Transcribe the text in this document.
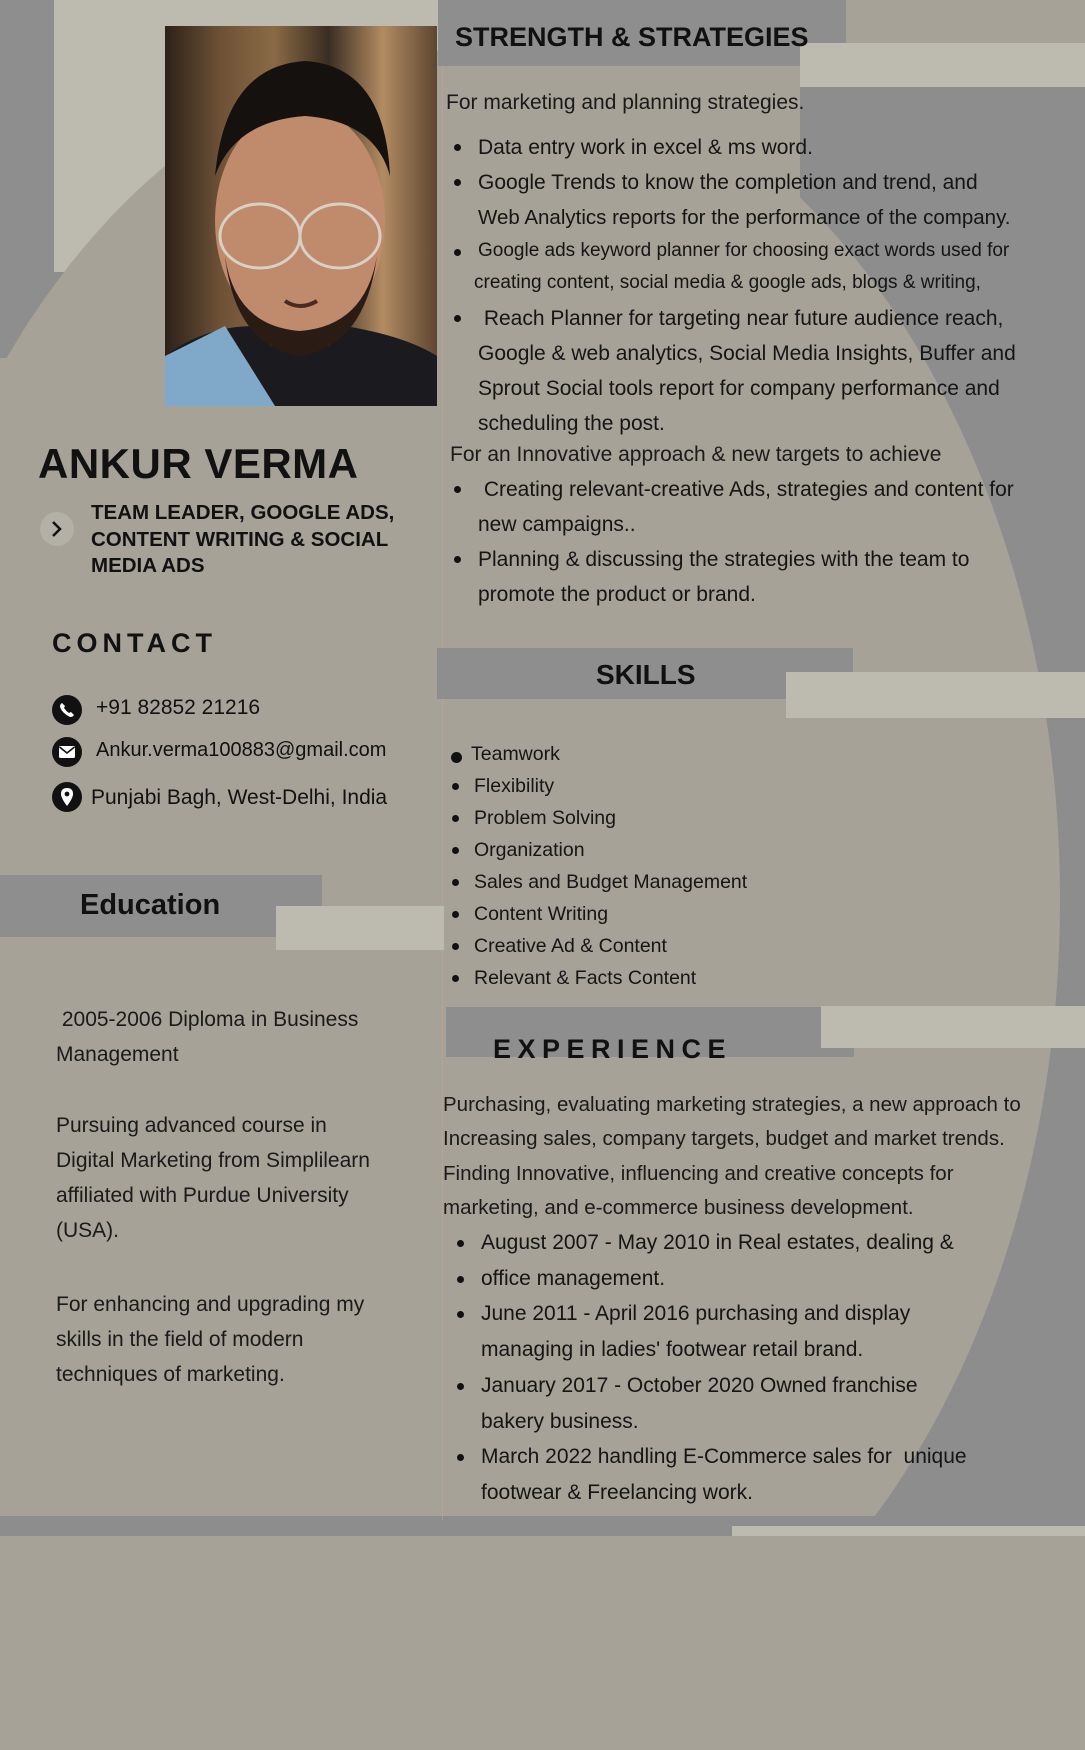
ANKUR VERMA
TEAM LEADER, GOOGLE ADS,
CONTENT WRITING & SOCIAL
MEDIA ADS
CONTACT
+91 82852 21216
Ankur.verma100883@gmail.com
Punjabi Bagh, West-Delhi, India
Education
2005-2006 Diploma in Business
Management
Pursuing advanced course in
Digital Marketing from Simplilearn
affiliated with Purdue University
(USA).
For enhancing and upgrading my
skills in the field of modern
techniques of marketing.
STRENGTH & STRATEGIES
For marketing and planning strategies.
Data entry work in excel & ms word.
Google Trends to know the completion and trend, and
Web Analytics reports for the performance of the company.
Google ads keyword planner for choosing exact words used for
creating content, social media & google ads, blogs & writing,
Reach Planner for targeting near future audience reach,
Google & web analytics, Social Media Insights, Buffer and
Sprout Social tools report for company performance and
scheduling the post.
For an Innovative approach & new targets to achieve
Creating relevant-creative Ads, strategies and content for
new campaigns..
Planning & discussing the strategies with the team to
promote the product or brand.
SKILLS
Teamwork
Flexibility
Problem Solving
Organization
Sales and Budget Management
Content Writing
Creative Ad & Content
Relevant & Facts Content
EXPERIENCE
Purchasing, evaluating marketing strategies, a new approach to
Increasing sales, company targets, budget and market trends.
Finding Innovative, influencing and creative concepts for
marketing, and e-commerce business development.
August 2007 - May 2010 in Real estates, dealing &
office management.
June 2011 - April 2016 purchasing and display
managing in ladies' footwear retail brand.
January 2017 - October 2020 Owned franchise
bakery business.
March 2022 handling E-Commerce sales for  unique
footwear & Freelancing work.
